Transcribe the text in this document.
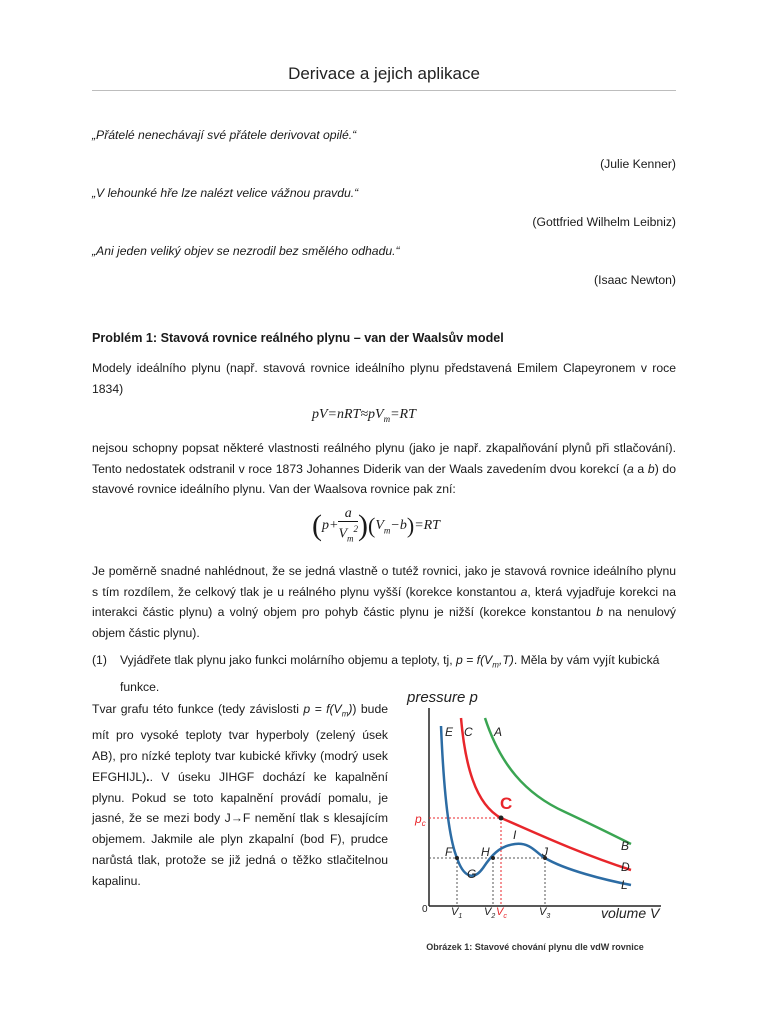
Derivace a jejich aplikace
„Přátelé nenechávají své přátele derivovat opilé.“
(Julie Kenner)
„V lehounké hře lze nalézt velice vážnou pravdu.“
(Gottfried Wilhelm Leibniz)
„Ani jeden veliký objev se nezrodil bez smělého odhadu.“
(Isaac Newton)
Problém 1: Stavová rovnice reálného plynu – van der Waalsův model
Modely ideálního plynu (např. stavová rovnice ideálního plynu představená Emilem Clapeyronem v roce 1834)
$pV=nRT\approx pV_m=RT$
nejsou schopny popsat některé vlastnosti reálného plynu (jako je např. zkapalňování plynů při stlačování). Tento nedostatek odstranil v roce 1873 Johannes Diderik van der Waals zavedením dvou korekcí (a a b) do stavové rovnice ideálního plynu. Van der Waalsova rovnice pak zní:
$(p+ \frac{a}{V_m^2} )(V_m-b)=RT$
Je poměrně snadné nahlédnout, že se jedná vlastně o tutéž rovnici, jako je stavová rovnice ideálního plynu s tím rozdílem, že celkový tlak je u reálného plynu vyšší (korekce konstantou a, která vyjadřuje korekci na interakci částic plynu) a volný objem pro pohyb částic plynu je nižší (korekce konstantou b na nenulový objem částic plynu).
(1) Vyjádřete tlak plynu jako funkci molárního objemu a teploty, tj, $p = f(V_m,T)$. Měla by vám vyjít kubická funkce.
Tvar grafu této funkce (tedy závislosti $p = f(V_m)$) bude mít pro vysoké teploty tvar hyperboly (zelený úsek AB), pro nízké teploty tvar kubické křivky (modrý usek EFGHIJL).. V úseku JIHGF dochází ke kapalnění plynu. Pokud se toto kapalnění provádí pomalu, je jasné, že se mezi body J→F nemění tlak s klesajícím objemem. Jakmile ale plyn zkapalní (bod F), prudce narůstá tlak, protože se již jedná o těžko stlačitelnou kapalinu.
pressure p
volume V
0
E C A
C
B
D
L
F
G
H
I
J
$p_c$
$V_1$ $V_2$ $V_c$	$V_3$
Obrázek 1: Stavové chování plynu dle vdW rovnice
